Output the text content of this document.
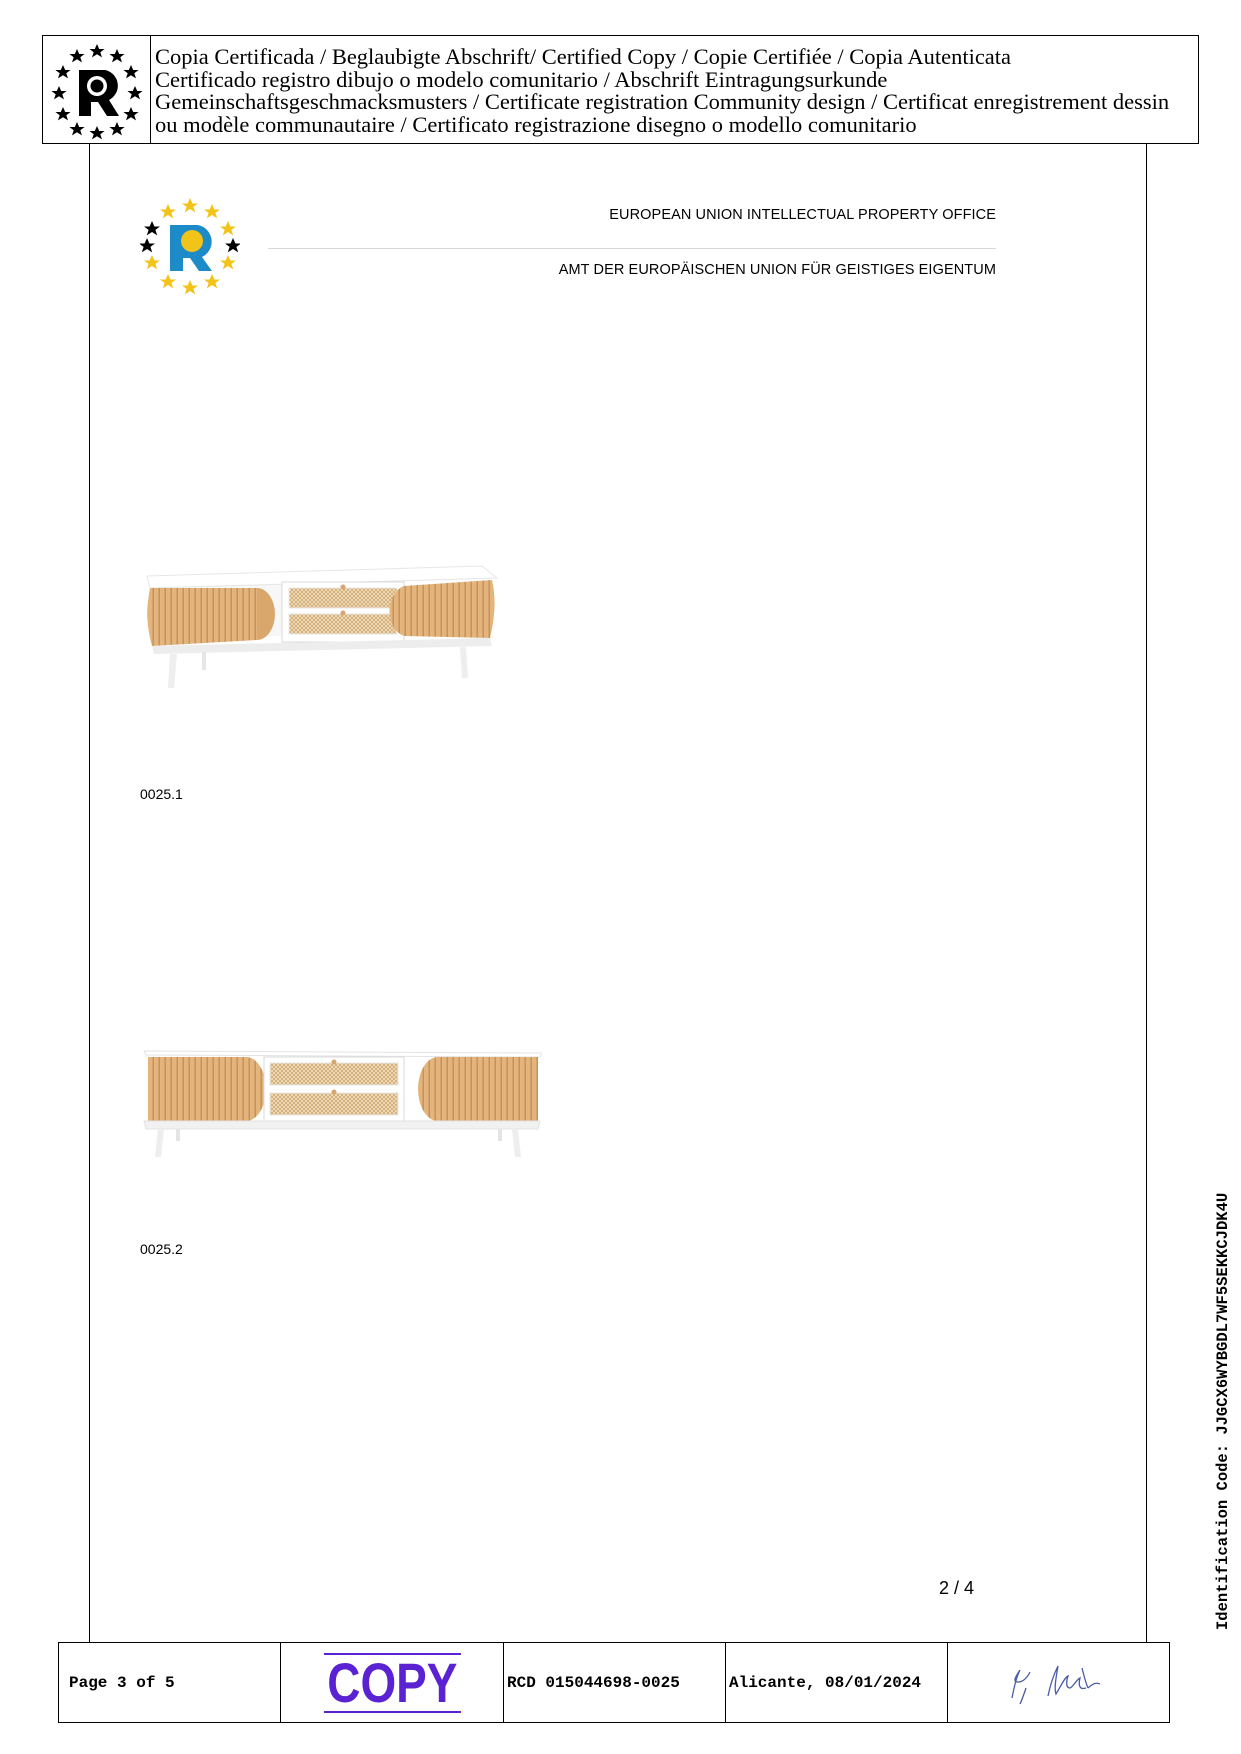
Copia Certificada / Beglaubigte Abschrift/ Certified Copy / Copie Certifiée / Copia Autenticata
Certificado registro dibujo o modelo comunitario / Abschrift Eintragungsurkunde
Gemeinschaftsgeschmacksmusters / Certificate registration Community design / Certificat enregistrement dessin
ou modèle communautaire / Certificato registrazione disegno o modello comunitario
EUROPEAN UNION INTELLECTUAL PROPERTY OFFICE
AMT DER EUROPÄISCHEN UNION FÜR GEISTIGES EIGENTUM
0025.1
0025.2
2 / 4	Identification Code: JJGCX6WYBGDL7WF5SEKKCJDK4U
Page 3 of 5	COPY	RCD 015044698-0025	Alicante, 08/01/2024
